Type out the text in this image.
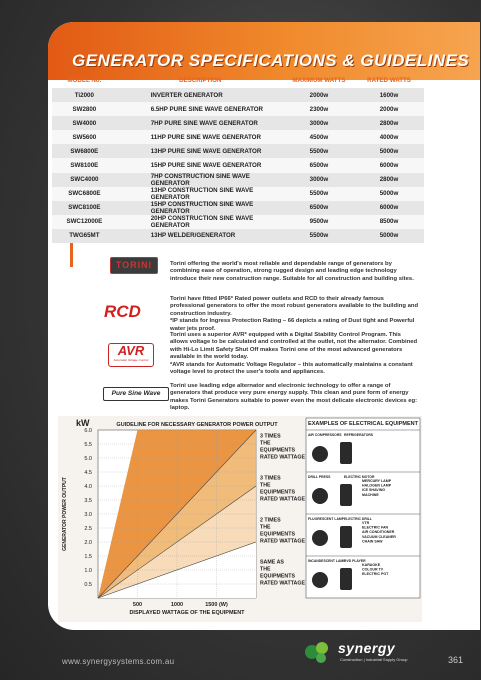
GENERATOR SPECIFICATIONS & GUIDELINES
MODEL No.	DESCRIPTION	MAXIMUM WATTS	RATED WATTS
Ti2000	INVERTER GENERATOR	2000w	1600w
SW2800	6.5HP PURE SINE WAVE GENERATOR	2300w	2000w
SW4000	7HP PURE SINE WAVE GENERATOR	3000w	2800w
SW5600	11HP PURE SINE WAVE GENERATOR	4500w	4000w
SW6800E	13HP PURE SINE WAVE GENERATOR	5500w	5000w
SW8100E	15HP PURE SINE WAVE GENERATOR	6500w	6000w
SWC4000	7HP CONSTRUCTION SINE WAVE GENERATOR	3000w	2800w
SWC6800E	13HP CONSTRUCTION SINE WAVE GENERATOR	5500w	5000w
SWC8100E	15HP CONSTRUCTION SINE WAVE GENERATOR	6500w	6000w
SWC12000E	20HP CONSTRUCTION SINE WAVE GENERATOR	9500w	8500w
TWG65MT	13HP WELDER/GENERATOR	5500w	5000w
TORINI	Torini offering the world's most reliable and dependable range of generators by combining ease of operation, strong rugged design and leading edge technology introduce their new construction range. Suitable for all construction and building sites.
RCD
Torini have fitted IP66* Rated power outlets and RCD to their already famous professional generators to offer the most robust generators available to the building and construction industry.
*IP stands for Ingress Protection Rating – 66 depicts a rating of Dust tight and Powerful water jets proof.
AVR
Automatic Voltage Control
Torini uses a superior AVR* equipped with a Digital Stability Control Program. This allows voltage to be calculated and controlled at the outlet, not the alternator. Combined with Hi-Lo Limit Safety Shut Off makes Torini one of the most advanced generators available in the world today.
*AVR stands for Automatic Voltage Regulator – this automatically maintains a constant voltage level to protect the user's tools and appliances.
Pure Sine Wave
Torini use leading edge alternator and electronic technology to offer a range of generators that produce very pure energy supply. This clean and pure form of energy makes Torini Generators suitable to power even the most delicate electronic devices eg: laptop.
6.0
5.5
5.0
4.5
4.0
3.5
3.0
2.5
2.0
1.5
1.0
0.5
500	1000	1500 (W)
kW	GUIDELINE FOR NECESSARY GENERATOR POWER OUTPUT
DISPLAYED WATTAGE OF THE EQUIPMENT
GENERATOR POWER OUTPUT
3 TIMES THE EQUIPMENTS RATED WATTAGE
3 TIMES THE EQUIPMENTS RATED WATTAGE
2 TIMES THE EQUIPMENTS RATED WATTAGE
SAME AS THE EQUIPMENTS RATED WATTAGE
EXAMPLES OF ELECTRICAL EQUIPMENT
AIR COMPRESSORS REFRIGERATORS
DRILL PRESS	ELECTRIC MOTOR
MERCURY LAMP HALOGEN LAMP ICE SHAVING MACHINE
FLUORESCENT LAMP ELECTRIC DRILL
VTR ELECTRIC FAN AIR CONDITIONER VACUUM CLEANER CHAIN SAW
INCANDESCENT LAMP
DVD PLAYER
KARAOKE COLOUR TV ELECTRIC POT
www.synergysystems.com.au
synergy
Construction | Industrial Supply Group	361
